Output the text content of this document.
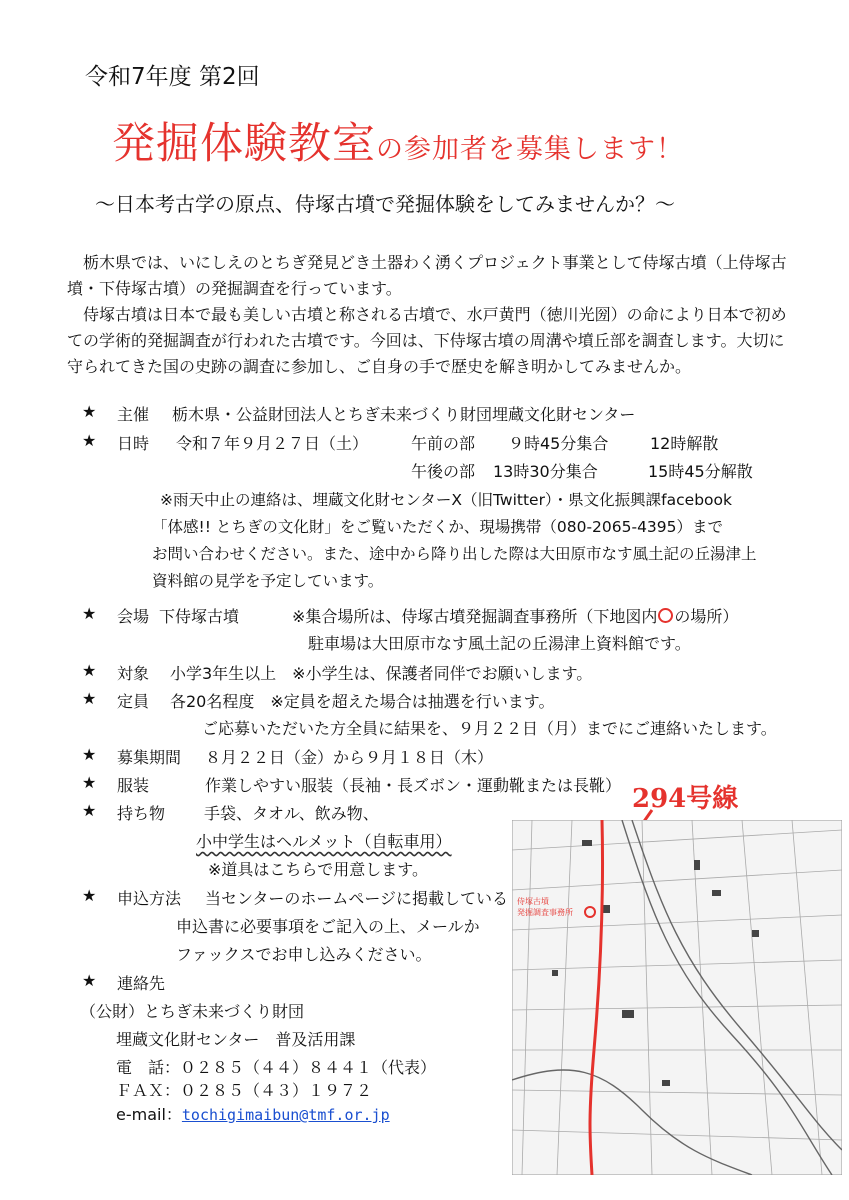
令和7年度 第2回
発掘体験教室の参加者を募集します！
～日本考古学の原点、侍塚古墳で発掘体験をしてみませんか？～

栃木県では、いにしえのとちぎ発見どき土器わく湧くプロジェクト事業として侍塚古墳（上侍塚古墳・下侍塚古墳）の発掘調査を行っています。

侍塚古墳は日本で最も美しい古墳と称される古墳で、水戸黄門（徳川光圀）の命により日本で初めての学術的発掘調査が行われた古墳です。今回は、下侍塚古墳の周溝や墳丘部を調査します。大切に守られてきた国の史跡の調査に参加し、ご自身の手で歴史を解き明かしてみませんか。

★ 主催 栃木県・公益財団法人とちぎ未来づくり財団埋蔵文化財センター
★ 日時 令和７年９月２７日（土）	午前の部 ９時45分集合	12時解散
午後の部 13時30分集合	15時45分解散
※雨天中止の連絡は、埋蔵文化財センターX（旧Twitter）・県文化振興課facebook
「体感!! とちぎの文化財」をご覧いただくか、現場携帯（080-2065-4395）まで
お問い合わせください。また、途中から降り出した際は大田原市なす風土記の丘湯津上
資料館の見学を予定しています。
★ 会場 下侍塚古墳	※集合場所は、侍塚古墳発掘調査事務所（下地図内 の場所）
駐車場は大田原市なす風土記の丘湯津上資料館です。
★ 対象 小学3年生以上　※小学生は、保護者同伴でお願いします。
★ 定員 各20名程度　※定員を超えた場合は抽選を行います。
ご応募いただいた方全員に結果を、９月２２日（月）までにご連絡いたします。
★ 募集期間 ８月２２日（金）から９月１８日（木）
★ 服装	作業しやすい服装（長袖・長ズボン・運動靴または長靴）
★ 持ち物 手袋、タオル、飲み物、
小中学生はヘルメット（自転車用）
※道具はこちらで用意します。
★ 申込方法 当センターのホームページに掲載している
申込書に必要事項をご記入の上、メールか
ファックスでお申し込みください。
★ 連絡先
（公財）とちぎ未来づくり財団
埋蔵文化財センター　普及活用課
電　話：０２８５（４４）８４４１（代表）
ＦＡＸ：０２８５（４３）１９７２
e-mail：tochigimaibun@tmf.or.jp
294号線
侍塚古墳
発掘調査事務所
